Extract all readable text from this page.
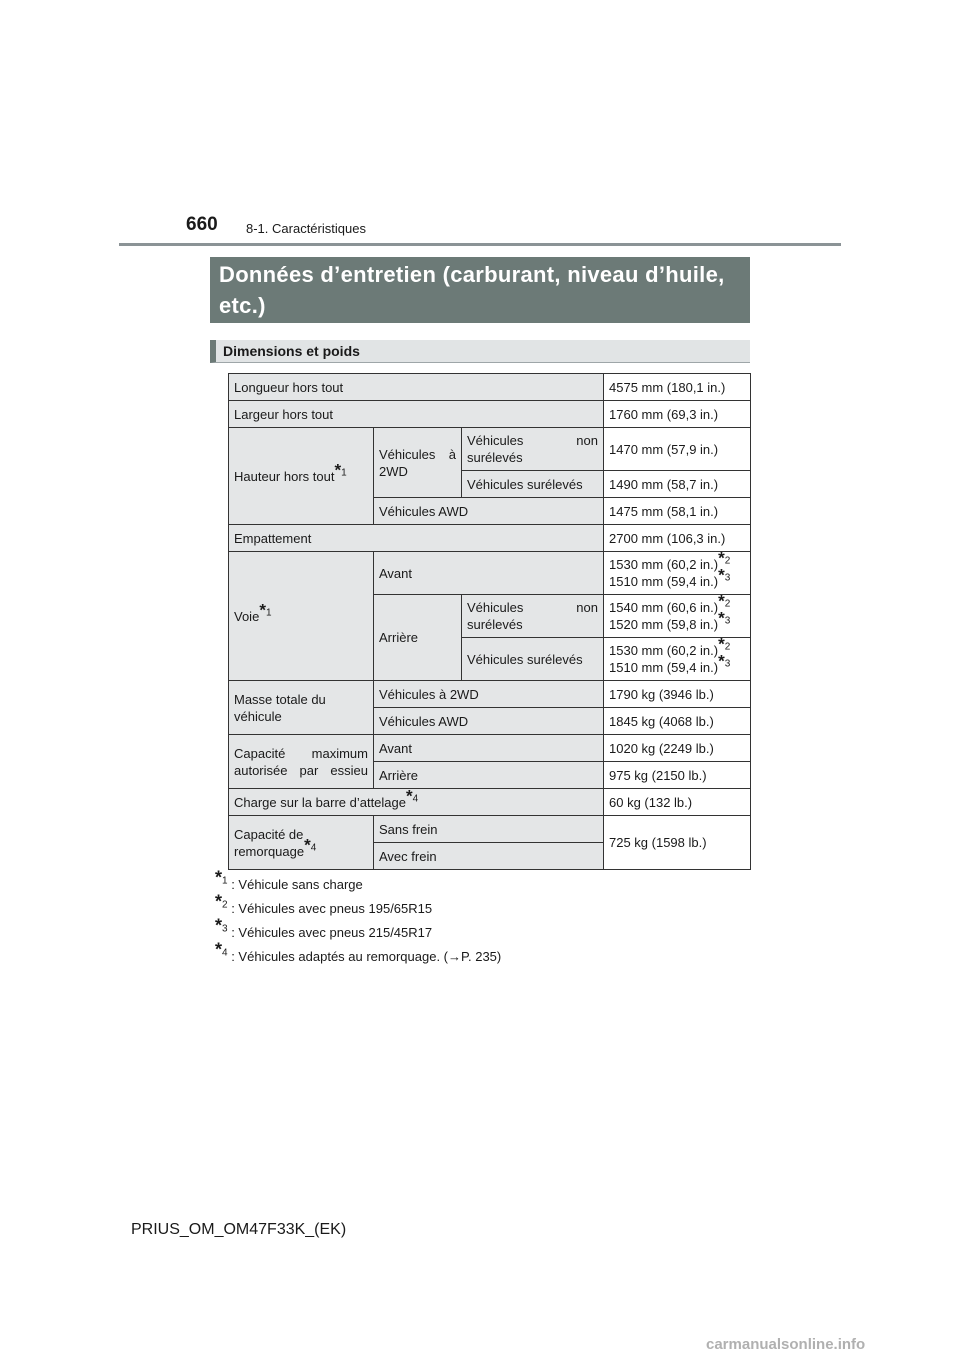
660 8-1. Caractéristiques
Données d’entretien (carburant, niveau d’huile, etc.)
Dimensions et poids
Longueur hors tout			4575 mm (180,1 in.)
Largeur hors tout			1760 mm (69,3 in.)
Hauteur hors tout*$^1$	Véhicules à 2WD	Véhicules non surélevés	1470 mm (57,9 in.)
		Véhicules surélevés	1490 mm (58,7 in.)
	Véhicules AWD		1475 mm (58,1 in.)
Empattement			2700 mm (106,3 in.)
Voie*$^1$	Avant		1530 mm (60,2 in.)*$^2$
1510 mm (59,4 in.)*$^3$
	Arrière	Véhicules non surélevés	1540 mm (60,6 in.)*$^2$
1520 mm (59,8 in.)*$^3$
		Véhicules surélevés	1530 mm (60,2 in.)*$^2$
1510 mm (59,4 in.)*$^3$
Masse totale du véhicule	Véhicules à 2WD		1790 kg (3946 lb.)
	Véhicules AWD		1845 kg (4068 lb.)
Capacité maximum autorisée par essieu	Avant		1020 kg (2249 lb.)
	Arrière		975 kg (2150 lb.)
Charge sur la barre d’attelage*$^4$			60 kg (132 lb.)
Capacité de remorquage*$^4$	Sans frein		725 kg (1598 lb.)
	Avec frein		
*$^1$ : Véhicule sans charge
*$^2$ : Véhicules avec pneus 195/65R15
*$^3$ : Véhicules avec pneus 215/45R17
*$^4$ : Véhicules adaptés au remorquage. (→P. 235)
PRIUS_OM_OM47F33K_(EK)
carmanualsonline.info
